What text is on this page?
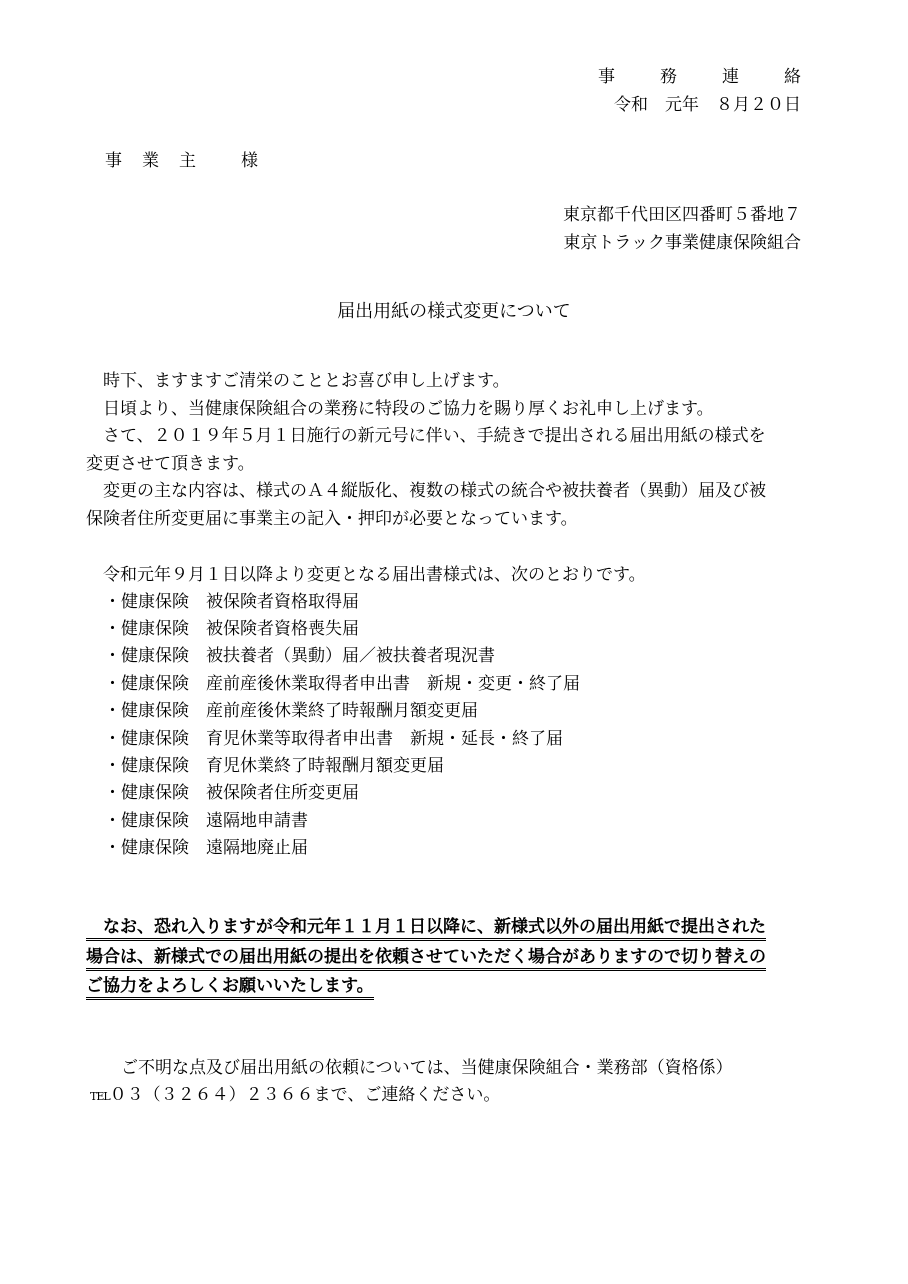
事	務	連	絡
令和　元年　８月２０日
事 業 主	様
東京都千代田区四番町５番地７
東京トラック事業健康保険組合
届出用紙の様式変更について
　時下、ますますご清栄のこととお喜び申し上げます。
　日頃より、当健康保険組合の業務に特段のご協力を賜り厚くお礼申し上げます。
　さて、２０１９年５月１日施行の新元号に伴い、手続きで提出される届出用紙の様式を
変更させて頂きます。
　変更の主な内容は、様式のＡ４縦版化、複数の様式の統合や被扶養者（異動）届及び被
保険者住所変更届に事業主の記入・押印が必要となっています。
　令和元年９月１日以降より変更となる届出書様式は、次のとおりです。
・健康保険　被保険者資格取得届
・健康保険　被保険者資格喪失届
・健康保険　被扶養者（異動）届／被扶養者現況書
・健康保険　産前産後休業取得者申出書　新規・変更・終了届
・健康保険　産前産後休業終了時報酬月額変更届
・健康保険　育児休業等取得者申出書　新規・延長・終了届
・健康保険　育児休業終了時報酬月額変更届
・健康保険　被保険者住所変更届
・健康保険　遠隔地申請書
・健康保険　遠隔地廃止届
　なお、恐れ入りますが令和元年１１月１日以降に、新様式以外の届出用紙で提出された
場合は、新様式での届出用紙の提出を依頼させていただく場合がありますので切り替えの
ご協力をよろしくお願いいたします。
　ご不明な点及び届出用紙の依頼については、当健康保険組合・業務部（資格係）
TEL０３（３２６４）２３６６まで、ご連絡ください。
